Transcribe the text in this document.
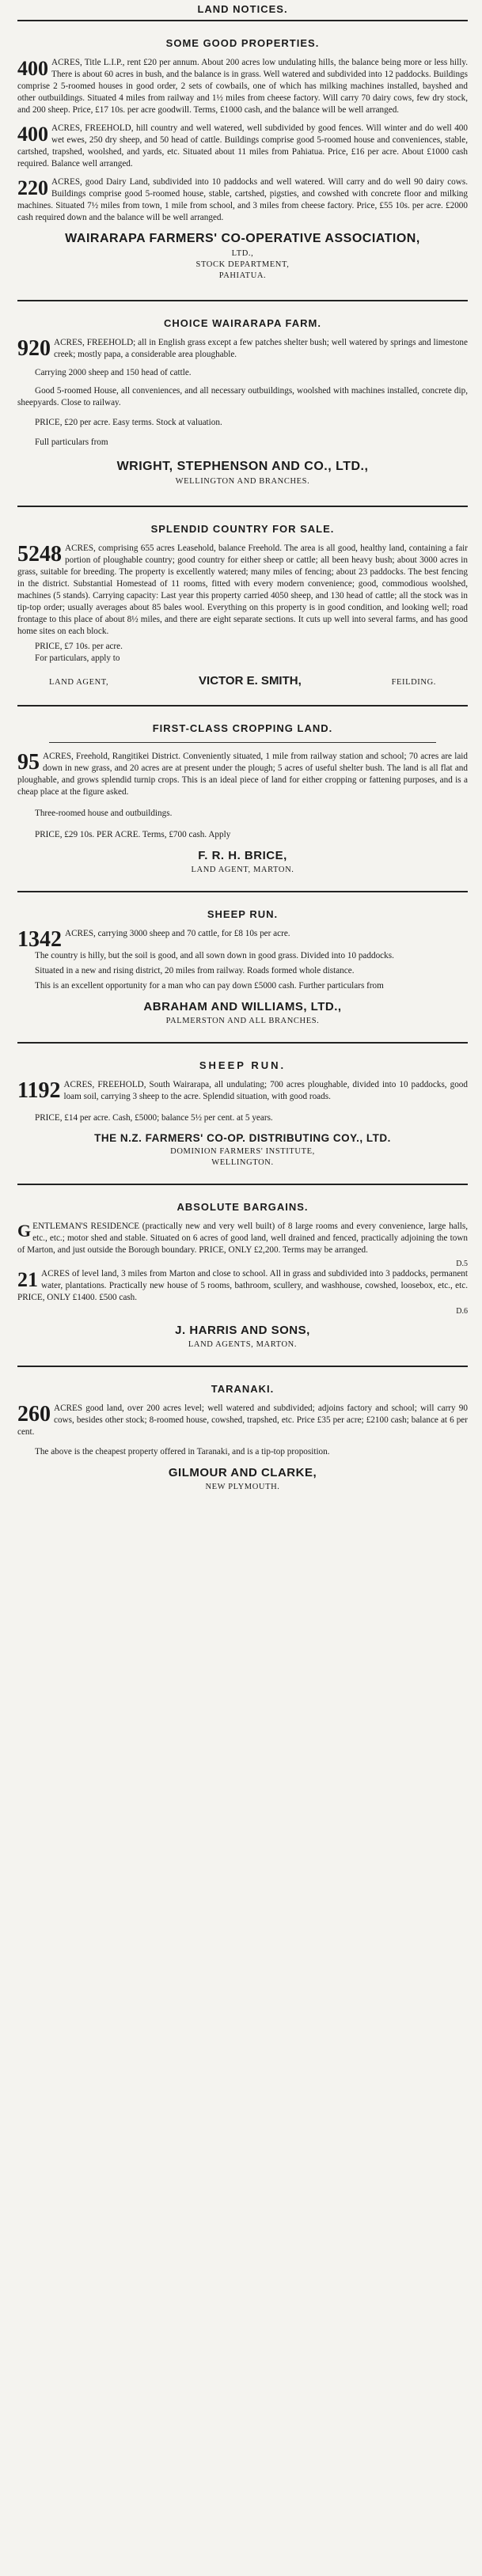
LAND NOTICES.
SOME GOOD PROPERTIES.

400 ACRES, Title L.I.P., rent £20 per annum. About 200 acres low undulating hills, the balance being more or less hilly. There is about 60 acres in bush, and the balance is in grass. Well watered and subdivided into 12 paddocks. Buildings comprise 2 5-roomed houses in good order, 2 sets of cowbails, one of which has milking machines installed, bayshed and other outbuildings. Situated 4 miles from railway and 1½ miles from cheese factory. Will carry 70 dairy cows, few dry stock, and 200 sheep. Price, £17 10s. per acre goodwill. Terms, £1000 cash, and the balance will be well arranged.

400 ACRES, FREEHOLD, hill country and well watered, well subdivided by good fences. Will winter and do well 400 wet ewes, 250 dry sheep, and 50 head of cattle. Buildings comprise good 5-roomed house and conveniences, stable, cartshed, trapshed, woolshed, and yards, etc. Situated about 11 miles from Pahiatua. Price, £16 per acre. About £1000 cash required. Balance well arranged.

220 ACRES, good Dairy Land, subdivided into 10 paddocks and well watered. Will carry and do well 90 dairy cows. Buildings comprise good 5-roomed house, stable, cartshed, pigsties, and cowshed with concrete floor and milking machines. Situated 7½ miles from town, 1 mile from school, and 3 miles from cheese factory. Price, £55 10s. per acre. £2000 cash required down and the balance will be well arranged.

WAIRARAPA FARMERS' CO-OPERATIVE ASSOCIATION,
LTD.,
STOCK DEPARTMENT,
PAHIATUA.
CHOICE WAIRARAPA FARM.

920 ACRES, FREEHOLD; all in English grass except a few patches shelter bush; well watered by springs and limestone creek; mostly papa, a considerable area ploughable.

Carrying 2000 sheep and 150 head of cattle.

Good 5-roomed House, all conveniences, and all necessary outbuildings, woolshed with machines installed, concrete dip, sheepyards. Close to railway.

PRICE, £20 per acre. Easy terms. Stock at valuation.

Full particulars from

WRIGHT, STEPHENSON AND CO., LTD.,
WELLINGTON AND BRANCHES.
SPLENDID COUNTRY FOR SALE.

5248 ACRES, comprising 655 acres Leasehold, balance Freehold. The area is all good, healthy land, containing a fair portion of ploughable country; good country for either sheep or cattle; all been heavy bush; about 3000 acres in grass, suitable for breeding. The property is excellently watered; many miles of fencing; about 23 paddocks. The best fencing in the district. Substantial Homestead of 11 rooms, fitted with every modern convenience; good, commodious woolshed, machines (5 stands). Carrying capacity: Last year this property carried 4050 sheep, and 130 head of cattle; all the stock was in tip-top order; usually averages about 85 bales wool. Everything on this property is in good condition, and looking well; road frontage to this place of about 8½ miles, and there are eight separate sections. It cuts up well into several farms, and has good home sites on each block.

PRICE, £7 10s. per acre.

For particulars, apply to

LAND AGENT,	VICTOR E. SMITH,	FEILDING.
FIRST-CLASS CROPPING LAND.

95 ACRES, Freehold, Rangitikei District. Conveniently situated, 1 mile from railway station and school; 70 acres are laid down in new grass, and 20 acres are at present under the plough; 5 acres of useful shelter bush. The land is all flat and ploughable, and grows splendid turnip crops. This is an ideal piece of land for either cropping or fattening purposes, and is a cheap place at the figure asked.

Three-roomed house and outbuildings.

PRICE, £29 10s. PER ACRE. Terms, £700 cash. Apply

F. R. H. BRICE,
LAND AGENT, MARTON.
SHEEP RUN.

1342 ACRES, carrying 3000 sheep and 70 cattle, for £8 10s per acre.

The country is hilly, but the soil is good, and all sown down in good grass. Divided into 10 paddocks.

Situated in a new and rising district, 20 miles from railway. Roads formed whole distance.

This is an excellent opportunity for a man who can pay down £5000 cash. Further particulars from

ABRAHAM AND WILLIAMS, LTD.,
PALMERSTON AND ALL BRANCHES.
SHEEP RUN.

1192 ACRES, FREEHOLD, South Wairarapa, all undulating; 700 acres ploughable, divided into 10 paddocks, good loam soil, carrying 3 sheep to the acre. Splendid situation, with good roads.

PRICE, £14 per acre. Cash, £5000; balance 5½ per cent. at 5 years.

THE N.Z. FARMERS' CO-OP. DISTRIBUTING COY., LTD.
DOMINION FARMERS' INSTITUTE,
WELLINGTON.
ABSOLUTE BARGAINS.

G ENTLEMAN'S RESIDENCE (practically new and very well built) of 8 large rooms and every convenience, large halls, etc., etc.; motor shed and stable. Situated on 6 acres of good land, well drained and fenced, practically adjoining the town of Marton, and just outside the Borough boundary. PRICE, ONLY £2,200. Terms may be arranged.

D.5

21 ACRES of level land, 3 miles from Marton and close to school. All in grass and subdivided into 3 paddocks, permanent water, plantations. Practically new house of 5 rooms, bathroom, scullery, and washhouse, cowshed, loosebox, etc., etc. PRICE, ONLY £1400. £500 cash.

D.6

J. HARRIS AND SONS,
LAND AGENTS, MARTON.
TARANAKI.

260 ACRES good land, over 200 acres level; well watered and subdivided; adjoins factory and school; will carry 90 cows, besides other stock; 8-roomed house, cowshed, trapshed, etc. Price £35 per acre; £2100 cash; balance at 6 per cent.

The above is the cheapest property offered in Taranaki, and is a tip-top proposition.

GILMOUR AND CLARKE,
NEW PLYMOUTH.
